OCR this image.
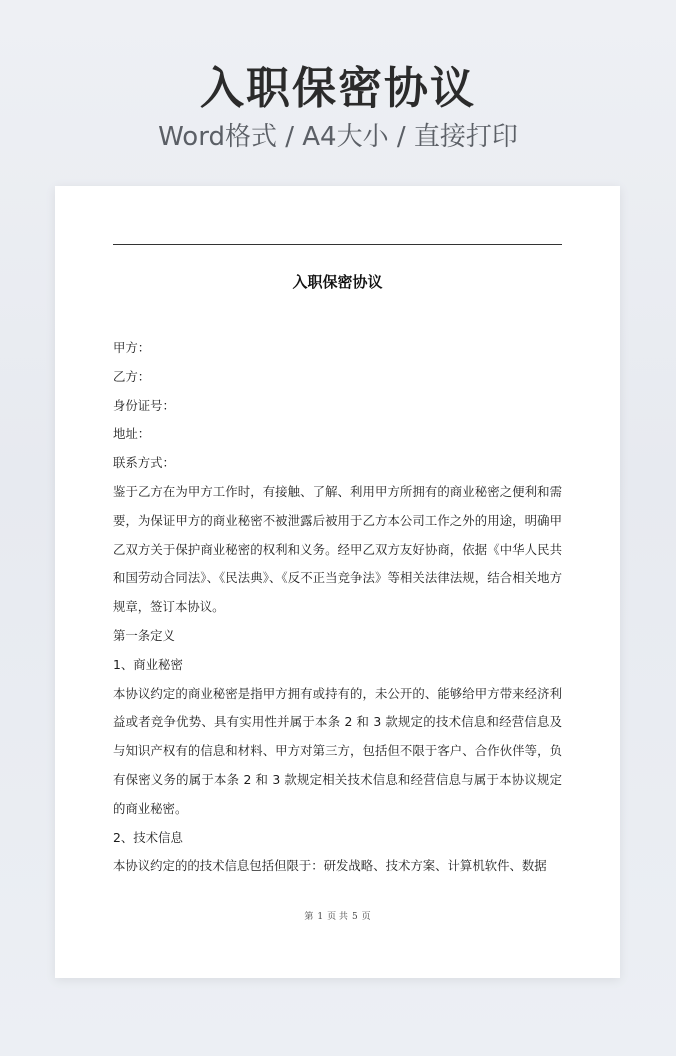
入职保密协议
Word格式 / A4大小 / 直接打印
入职保密协议

甲方：

乙方：

身份证号：

地址：

联系方式：

鉴于乙方在为甲方工作时，有接触、了解、利用甲方所拥有的商业秘密之便利和需要，为保证甲方的商业秘密不被泄露后被用于乙方本公司工作之外的用途，明确甲乙双方关于保护商业秘密的权利和义务。经甲乙双方友好协商，依据《中华人民共和国劳动合同法》、《民法典》、《反不正当竞争法》等相关法律法规，结合相关地方规章，签订本协议。

第一条定义

1、商业秘密

本协议约定的商业秘密是指甲方拥有或持有的，未公开的、能够给甲方带来经济利益或者竞争优势、具有实用性并属于本条 2 和 3 款规定的技术信息和经营信息及与知识产权有的信息和材料、甲方对第三方，包括但不限于客户、合作伙伴等，负有保密义务的属于本条 2 和 3 款规定相关技术信息和经营信息与属于本协议规定的商业秘密。

2、技术信息

本协议约定的的技术信息包括但限于：研发战略、技术方案、计算机软件、数据

第 1 页 共 5 页
